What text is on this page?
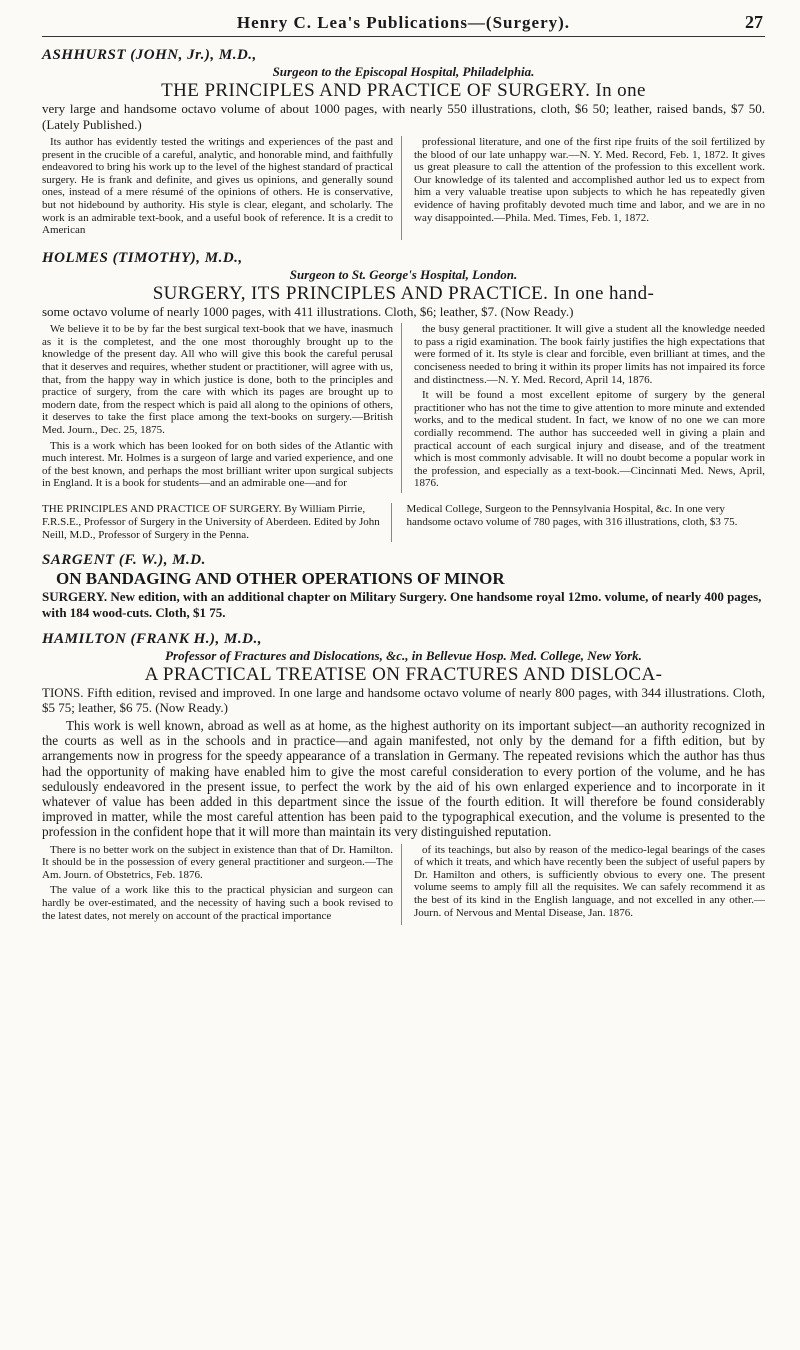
Henry C. Lea's Publications—(Surgery).	27
ASHHURST (JOHN, Jr.), M.D.,
Surgeon to the Episcopal Hospital, Philadelphia.
THE PRINCIPLES AND PRACTICE OF SURGERY. In one
very large and handsome octavo volume of about 1000 pages, with nearly 550 illustrations, cloth, $6 50; leather, raised bands, $7 50. (Lately Published.)

Its author has evidently tested the writings and experiences of the past and present in the crucible of a careful, analytic, and honorable mind, and faithfully endeavored to bring his work up to the level of the highest standard of practical surgery. He is frank and definite, and gives us opinions, and generally sound ones, instead of a mere résumé of the opinions of others. He is conservative, but not hidebound by authority. His style is clear, elegant, and scholarly. The work is an admirable text-book, and a useful book of reference. It is a credit to American

professional literature, and one of the first ripe fruits of the soil fertilized by the blood of our late unhappy war.—N. Y. Med. Record, Feb. 1, 1872. It gives us great pleasure to call the attention of the profession to this excellent work. Our knowledge of its talented and accomplished author led us to expect from him a very valuable treatise upon subjects to which he has repeatedly given evidence of having profitably devoted much time and labor, and we are in no way disappointed.—Phila. Med. Times, Feb. 1, 1872.

HOLMES (TIMOTHY), M.D.,
Surgeon to St. George's Hospital, London.
SURGERY, ITS PRINCIPLES AND PRACTICE. In one hand-
some octavo volume of nearly 1000 pages, with 411 illustrations. Cloth, $6; leather, $7. (Now Ready.)

We believe it to be by far the best surgical text-book that we have, inasmuch as it is the completest, and the one most thoroughly brought up to the knowledge of the present day. All who will give this book the careful perusal that it deserves and requires, whether student or practitioner, will agree with us, that, from the happy way in which justice is done, both to the principles and practice of surgery, from the care with which its pages are brought up to modern date, from the respect which is paid all along to the opinions of others, it deserves to take the first place among the text-books on surgery.—British Med. Journ., Dec. 25, 1875.

This is a work which has been looked for on both sides of the Atlantic with much interest. Mr. Holmes is a surgeon of large and varied experience, and one of the best known, and perhaps the most brilliant writer upon surgical subjects in England. It is a book for students—and an admirable one—and for

the busy general practitioner. It will give a student all the knowledge needed to pass a rigid examination. The book fairly justifies the high expectations that were formed of it. Its style is clear and forcible, even brilliant at times, and the conciseness needed to bring it within its proper limits has not impaired its force and distinctness.—N. Y. Med. Record, April 14, 1876.

It will be found a most excellent epitome of surgery by the general practitioner who has not the time to give attention to more minute and extended works, and to the medical student. In fact, we know of no one we can more cordially recommend. The author has succeeded well in giving a plain and practical account of each surgical injury and disease, and of the treatment which is most commonly advisable. It will no doubt become a popular work in the profession, and especially as a text-book.—Cincinnati Med. News, April, 1876.

THE PRINCIPLES AND PRACTICE OF SURGERY. By William Pirrie, F.R.S.E., Professor of Surgery in the University of Aberdeen. Edited by John Neill, M.D., Professor of Surgery in the Penna.
Medical College, Surgeon to the Pennsylvania Hospital, &c. In one very handsome octavo volume of 780 pages, with 316 illustrations, cloth, $3 75.
SARGENT (F. W.), M.D.
ON BANDAGING AND OTHER OPERATIONS OF MINOR
SURGERY. New edition, with an additional chapter on Military Surgery. One handsome royal 12mo. volume, of nearly 400 pages, with 184 wood-cuts. Cloth, $1 75.
HAMILTON (FRANK H.), M.D.,
Professor of Fractures and Dislocations, &c., in Bellevue Hosp. Med. College, New York.
A PRACTICAL TREATISE ON FRACTURES AND DISLOCA-
TIONS. Fifth edition, revised and improved. In one large and handsome octavo volume of nearly 800 pages, with 344 illustrations. Cloth, $5 75; leather, $6 75. (Now Ready.)
This work is well known, abroad as well as at home, as the highest authority on its important subject—an authority recognized in the courts as well as in the schools and in practice—and again manifested, not only by the demand for a fifth edition, but by arrangements now in progress for the speedy appearance of a translation in Germany. The repeated revisions which the author has thus had the opportunity of making have enabled him to give the most careful consideration to every portion of the volume, and he has sedulously endeavored in the present issue, to perfect the work by the aid of his own enlarged experience and to incorporate in it whatever of value has been added in this department since the issue of the fourth edition. It will therefore be found considerably improved in matter, while the most careful attention has been paid to the typographical execution, and the volume is presented to the profession in the confident hope that it will more than maintain its very distinguished reputation.

There is no better work on the subject in existence than that of Dr. Hamilton. It should be in the possession of every general practitioner and surgeon.—The Am. Journ. of Obstetrics, Feb. 1876.

The value of a work like this to the practical physician and surgeon can hardly be over-estimated, and the necessity of having such a book revised to the latest dates, not merely on account of the practical importance

of its teachings, but also by reason of the medico-legal bearings of the cases of which it treats, and which have recently been the subject of useful papers by Dr. Hamilton and others, is sufficiently obvious to every one. The present volume seems to amply fill all the requisites. We can safely recommend it as the best of its kind in the English language, and not excelled in any other.—Journ. of Nervous and Mental Disease, Jan. 1876.
